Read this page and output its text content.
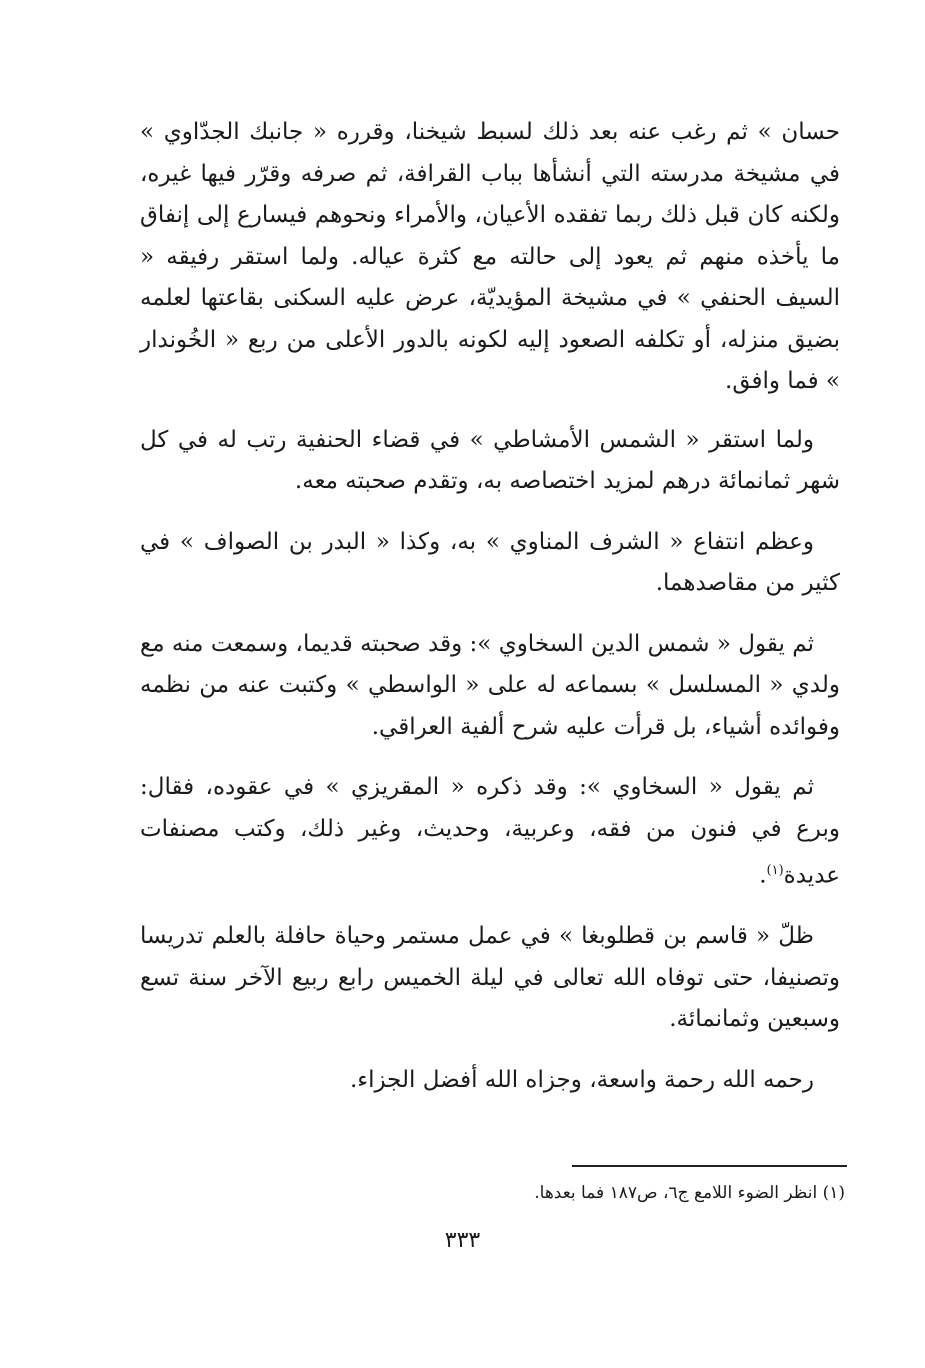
حسان » ثم رغب عنه بعد ذلك لسبط شيخنا، وقرره « جانبك الجدّاوي » في مشيخة مدرسته التي أنشأها بباب القرافة، ثم صرفه وقرّر فيها غيره، ولكنه كان قبل ذلك ربما تفقده الأعيان، والأمراء ونحوهم فيسارع إلى إنفاق ما يأخذه منهم ثم يعود إلى حالته مع كثرة عياله. ولما استقر رفيقه « السيف الحنفي » في مشيخة المؤيديّة، عرض عليه السكنى بقاعتها لعلمه بضيق منزله، أو تكلفه الصعود إليه لكونه بالدور الأعلى من ربع « الخُوندار » فما وافق.

ولما استقر « الشمس الأمشاطي » في قضاء الحنفية رتب له في كل شهر ثمانمائة درهم لمزيد اختصاصه به، وتقدم صحبته معه.

وعظم انتفاع « الشرف المناوي » به، وكذا « البدر بن الصواف » في كثير من مقاصدهما.

ثم يقول « شمس الدين السخاوي »: وقد صحبته قديما، وسمعت منه مع ولدي « المسلسل » بسماعه له على « الواسطي » وكتبت عنه من نظمه وفوائده أشياء، بل قرأت عليه شرح ألفية العراقي.

ثم يقول « السخاوي »: وقد ذكره « المقريزي » في عقوده، فقال: وبرع في فنون من فقه، وعربية، وحديث، وغير ذلك، وكتب مصنفات عديدة$^{(١)}$.

ظلّ « قاسم بن قطلوبغا » في عمل مستمر وحياة حافلة بالعلم تدريسا وتصنيفا، حتى توفاه الله تعالى في ليلة الخميس رابع ربيع الآخر سنة تسع وسبعين وثمانمائة.

رحمه الله رحمة واسعة، وجزاه الله أفضل الجزاء.

(١) انظر الضوء اللامع ج٦، ص١٨٧ فما بعدها.
٣٣٣
